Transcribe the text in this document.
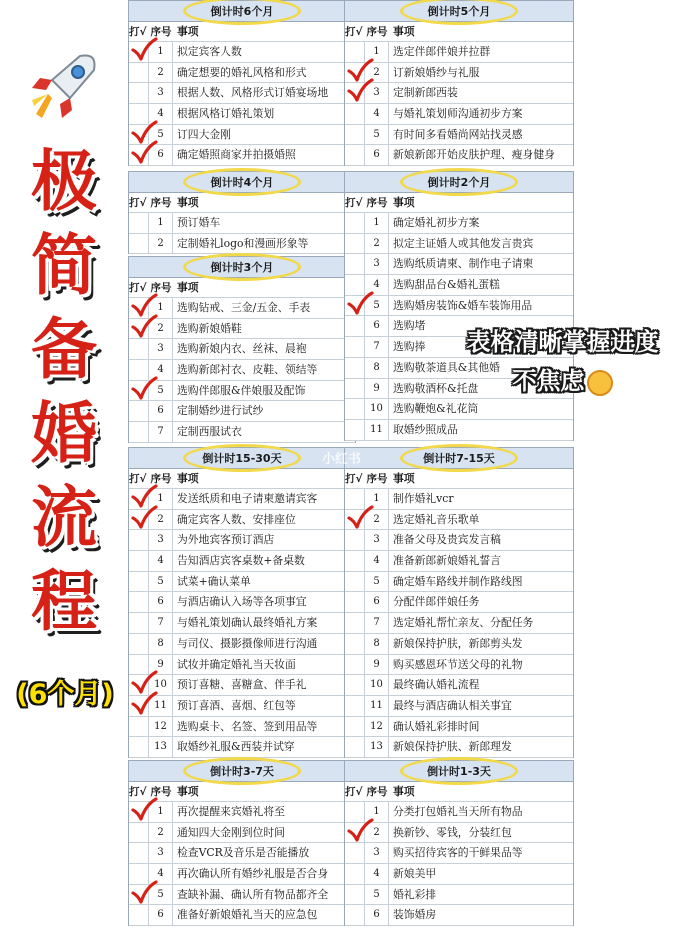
极
简
备
婚
流
程
(6个月)
倒计时6个月
打√ 序号 事项
1	拟定宾客人数
2	确定想要的婚礼风格和形式
3	根据人数、风格形式订婚宴场地
4	根据风格订婚礼策划
5	订四大金刚
6	确定婚照商家并拍摄婚照
倒计时5个月
打√ 序号 事项
1	选定伴郎伴娘并拉群
2	订新娘婚纱与礼服
3	定制新郎西装
4	与婚礼策划师沟通初步方案
5	有时间多看婚尚网站找灵感
6	新娘新郎开始皮肤护理、瘦身健身
倒计时4个月
打√ 序号 事项
1	预订婚车
2	定制婚礼logo和漫画形象等
倒计时3个月
打√ 序号 事项
1	选购钻戒、三金/五金、手表
2	选购新娘婚鞋
3	选购新娘内衣、丝袜、晨袍
4	选购新郎衬衣、皮鞋、领结等
5	选购伴郎服&伴娘服及配饰
6	定制婚纱进行试纱
7	定制西服试衣
倒计时2个月
打√ 序号 事项
1	确定婚礼初步方案
2	拟定主证婚人或其他发言贵宾
3	选购纸质请柬、制作电子请柬
4	选购甜品台&婚礼蛋糕
5	选购婚房装饰&婚车装饰用品
6	选购堵
7	选购捧
8	选购敬茶道具&其他婚
9	选购敬酒杯&托盘
10 选购鞭炮&礼花筒
11 取婚纱照成品
倒计时15-30天
打√ 序号 事项
1	发送纸质和电子请柬邀请宾客
2	确定宾客人数、安排座位
3	为外地宾客预订酒店
4	告知酒店宾客桌数+备桌数
5	试菜+确认菜单
6	与酒店确认入场等各项事宜
7	与婚礼策划确认最终婚礼方案
8	与司仪、摄影摄像师进行沟通
9	试妆并确定婚礼当天妆面
10 预订喜糖、喜糖盒、伴手礼
11 预订喜酒、喜烟、红包等
12 选购桌卡、名签、签到用品等
13 取婚纱礼服&西装并试穿
倒计时7-15天
打√ 序号 事项
1	制作婚礼vcr
2	选定婚礼音乐歌单
3	准备父母及贵宾发言稿
4	准备新郎新娘婚礼誓言
5	确定婚车路线并制作路线图
6	分配伴郎伴娘任务
7	选定婚礼帮忙亲友、分配任务
8	新娘保持护肤，新郎剪头发
9	购买感恩环节送父母的礼物
10 最终确认婚礼流程
11 最终与酒店确认相关事宜
12 确认婚礼彩排时间
13 新娘保持护肤、新郎理发
倒计时3-7天
打√ 序号 事项
1	再次提醒来宾婚礼将至
2	通知四大金刚到位时间
3	检查VCR及音乐是否能播放
4	再次确认所有婚纱礼服是否合身
5	查缺补漏、确认所有物品都齐全
6	准备好新娘婚礼当天的应急包
倒计时1-3天
打√ 序号 事项
1	分类打包婚礼当天所有物品
2	换新钞、零钱，分装红包
3	购买招待宾客的干鲜果品等
4	新娘美甲
5	婚礼彩排
6	装饰婚房
小红书
表格清晰掌握进度
不焦虑
